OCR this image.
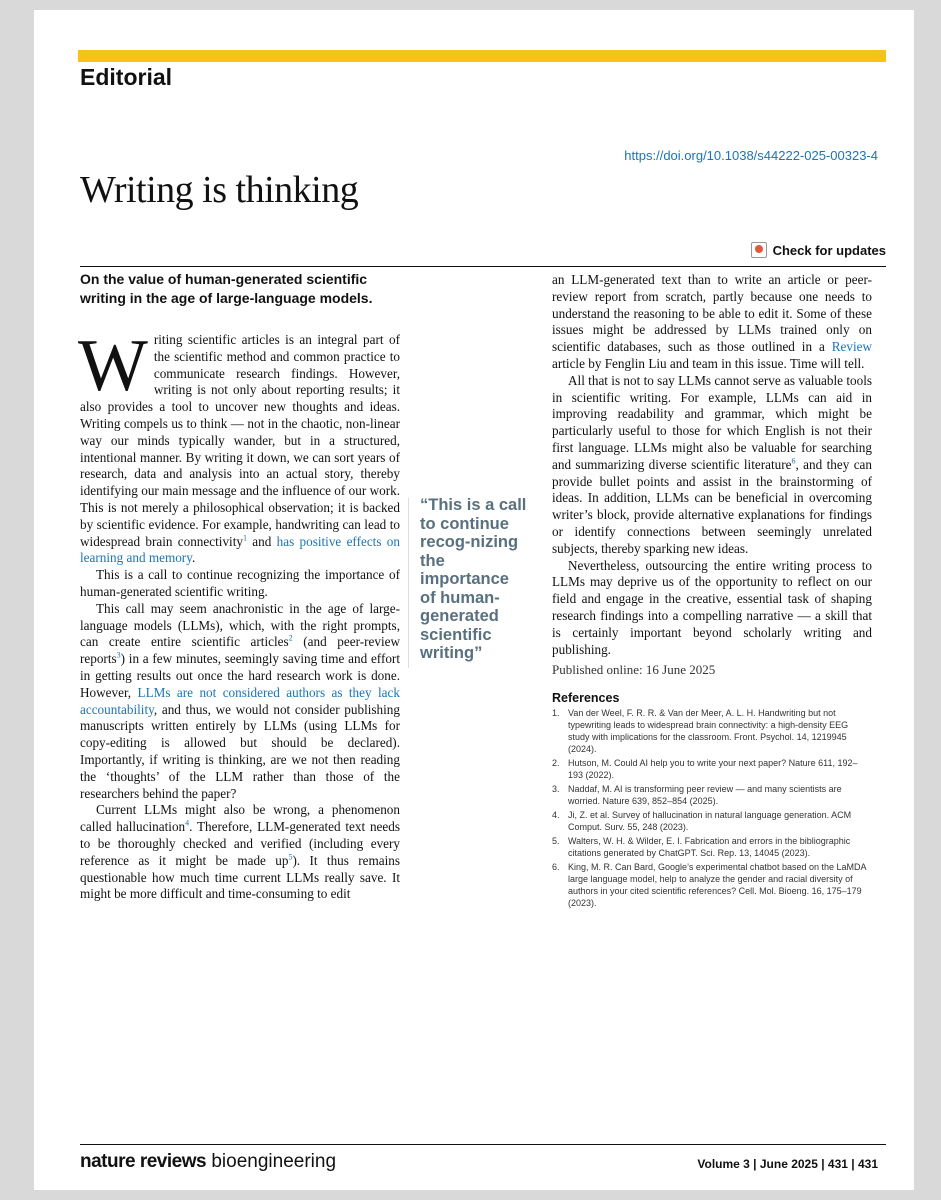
Editorial
https://doi.org/10.1038/s44222-025-00323-4
Writing is thinking
Check for updates
On the value of human-generated scientific writing in the age of large-language models.

Writing scientific articles is an integral part of the scientific method and common practice to communicate research findings. However, writing is not only about reporting results; it also provides a tool to uncover new thoughts and ideas. Writing compels us to think — not in the chaotic, non-linear way our minds typically wander, but in a structured, intentional manner. By writing it down, we can sort years of research, data and analysis into an actual story, thereby identifying our main message and the influence of our work. This is not merely a philosophical observation; it is backed by scientific evidence. For example, handwriting can lead to widespread brain connectivity$^1$ and has positive effects on learning and memory.

This is a call to continue recognizing the importance of human-generated scientific writing.

This call may seem anachronistic in the age of large-language models (LLMs), which, with the right prompts, can create entire scientific articles$^2$ (and peer-review reports$^3$) in a few minutes, seemingly saving time and effort in getting results out once the hard research work is done. However, LLMs are not considered authors as they lack accountability, and thus, we would not consider publishing manuscripts written entirely by LLMs (using LLMs for copy-editing is allowed but should be declared). Importantly, if writing is thinking, are we not then reading the ‘thoughts’ of the LLM rather than those of the researchers behind the paper?

Current LLMs might also be wrong, a phenomenon called hallucination$^4$. Therefore, LLM-generated text needs to be thoroughly checked and verified (including every reference as it might be made $up^5$). It thus remains questionable how much time current LLMs really save. It might be more difficult and time-consuming to edit

“This is a call to continue recog-nizing the importance of human-generated scientific writing”

an LLM-generated text than to write an article or peer-review report from scratch, partly because one needs to understand the reasoning to be able to edit it. Some of these issues might be addressed by LLMs trained only on scientific databases, such as those outlined in a Review article by Fenglin Liu and team in this issue. Time will tell.

All that is not to say LLMs cannot serve as valuable tools in scientific writing. For example, LLMs can aid in improving readability and grammar, which might be particularly useful to those for which English is not their first language. LLMs might also be valuable for searching and summarizing diverse scientific literature$^6$, and they can provide bullet points and assist in the brainstorming of ideas. In addition, LLMs can be beneficial in overcoming writer’s block, provide alternative explanations for findings or identify connections between seemingly unrelated subjects, thereby sparking new ideas.

Nevertheless, outsourcing the entire writing process to LLMs may deprive us of the opportunity to reflect on our field and engage in the creative, essential task of shaping research findings into a compelling narrative — a skill that is certainly important beyond scholarly writing and publishing.

Published online: 16 June 2025
References
1. Van der Weel, F. R. R. & Van der Meer, A. L. H. Handwriting but not typewriting leads to widespread brain connectivity: a high-density EEG study with implications for the classroom. Front. Psychol. 14, 1219945 (2024).
2. Hutson, M. Could AI help you to write your next paper? Nature 611, 192–193 (2022).
3. Naddaf, M. AI is transforming peer review — and many scientists are worried. Nature 639, 852–854 (2025).
4. Ji, Z. et al. Survey of hallucination in natural language generation. ACM Comput. Surv. 55, 248 (2023).
5. Walters, W. H. & Wilder, E. I. Fabrication and errors in the bibliographic citations generated by ChatGPT. Sci. Rep. 13, 14045 (2023).
6. King, M. R. Can Bard, Google’s experimental chatbot based on the LaMDA large language model, help to analyze the gender and racial diversity of authors in your cited scientific references? Cell. Mol. Bioeng. 16, 175–179 (2023).
nature reviews bioengineering	Volume 3 | June 2025 | 431 | 431
